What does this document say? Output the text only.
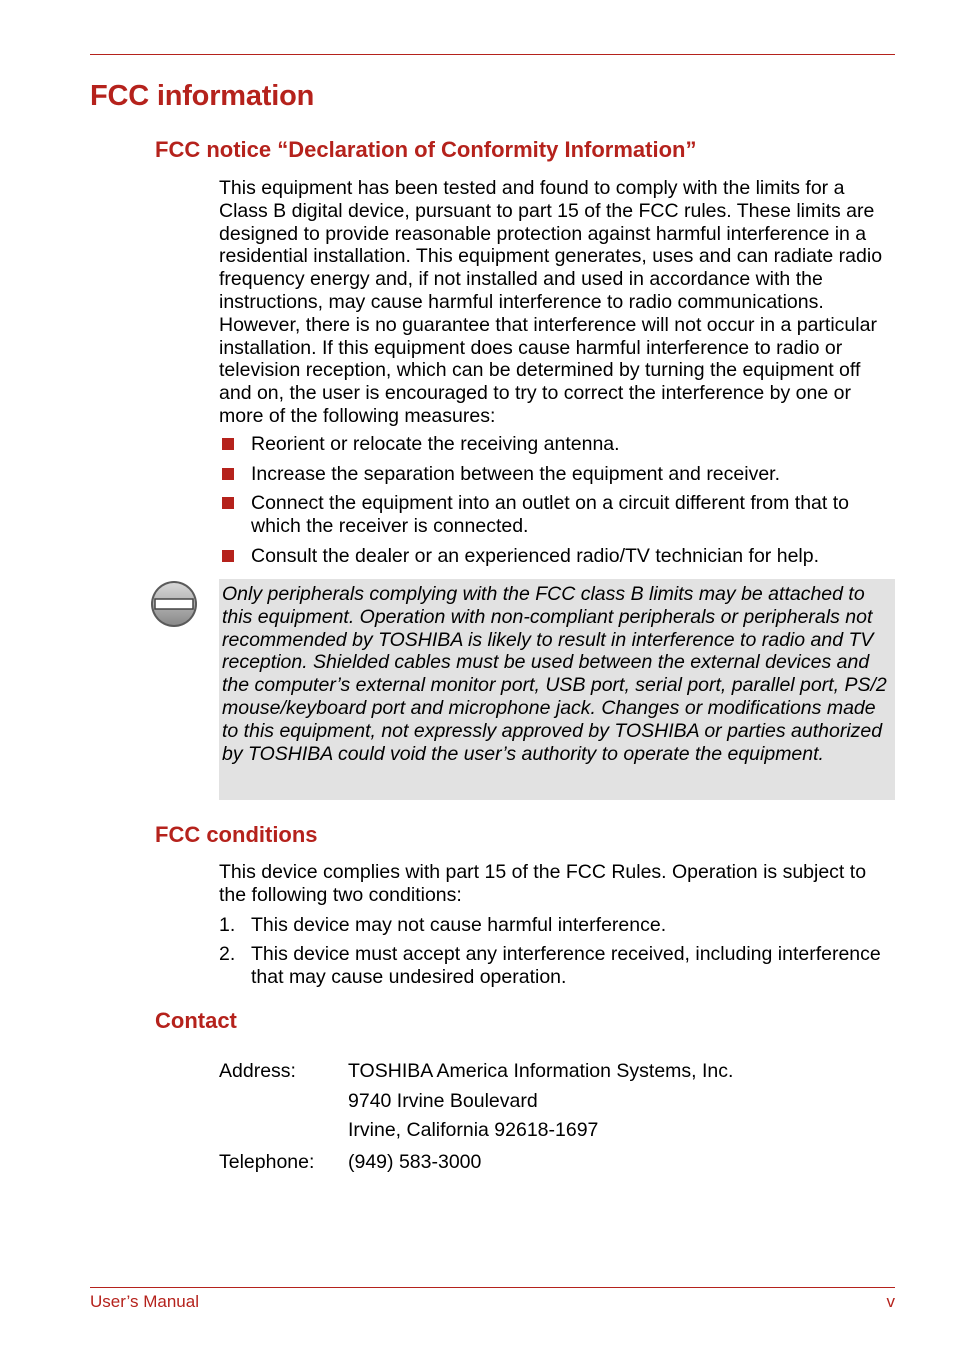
FCC information
FCC notice “Declaration of Conformity Information”

This equipment has been tested and found to comply with the limits for a Class B digital device, pursuant to part 15 of the FCC rules. These limits are designed to provide reasonable protection against harmful interference in a residential installation. This equipment generates, uses and can radiate radio frequency energy and, if not installed and used in accordance with the instructions, may cause harmful interference to radio communications. However, there is no guarantee that interference will not occur in a particular installation. If this equipment does cause harmful interference to radio or television reception, which can be determined by turning the equipment off and on, the user is encouraged to try to correct the interference by one or more of the following measures:

Reorient or relocate the receiving antenna.
Increase the separation between the equipment and receiver.
Connect the equipment into an outlet on a circuit different from that to which the receiver is connected.
Consult the dealer or an experienced radio/TV technician for help.

Only peripherals complying with the FCC class B limits may be attached to this equipment. Operation with non-compliant peripherals or peripherals not recommended by TOSHIBA is likely to result in interference to radio and TV reception. Shielded cables must be used between the external devices and the computer’s external monitor port, USB port, serial port, parallel port, PS/2 mouse/keyboard port and microphone jack. Changes or modifications made to this equipment, not expressly approved by TOSHIBA or parties authorized by TOSHIBA could void the user’s authority to operate the equipment.

FCC conditions

This device complies with part 15 of the FCC Rules. Operation is subject to the following two conditions:

1. This device may not cause harmful interference.
2. This device must accept any interference received, including interference that may cause undesired operation.
Contact
Address:	TOSHIBA America Information Systems, Inc.
9740 Irvine Boulevard
Irvine, California 92618-1697
Telephone: (949) 583-3000
User’s Manual	v
